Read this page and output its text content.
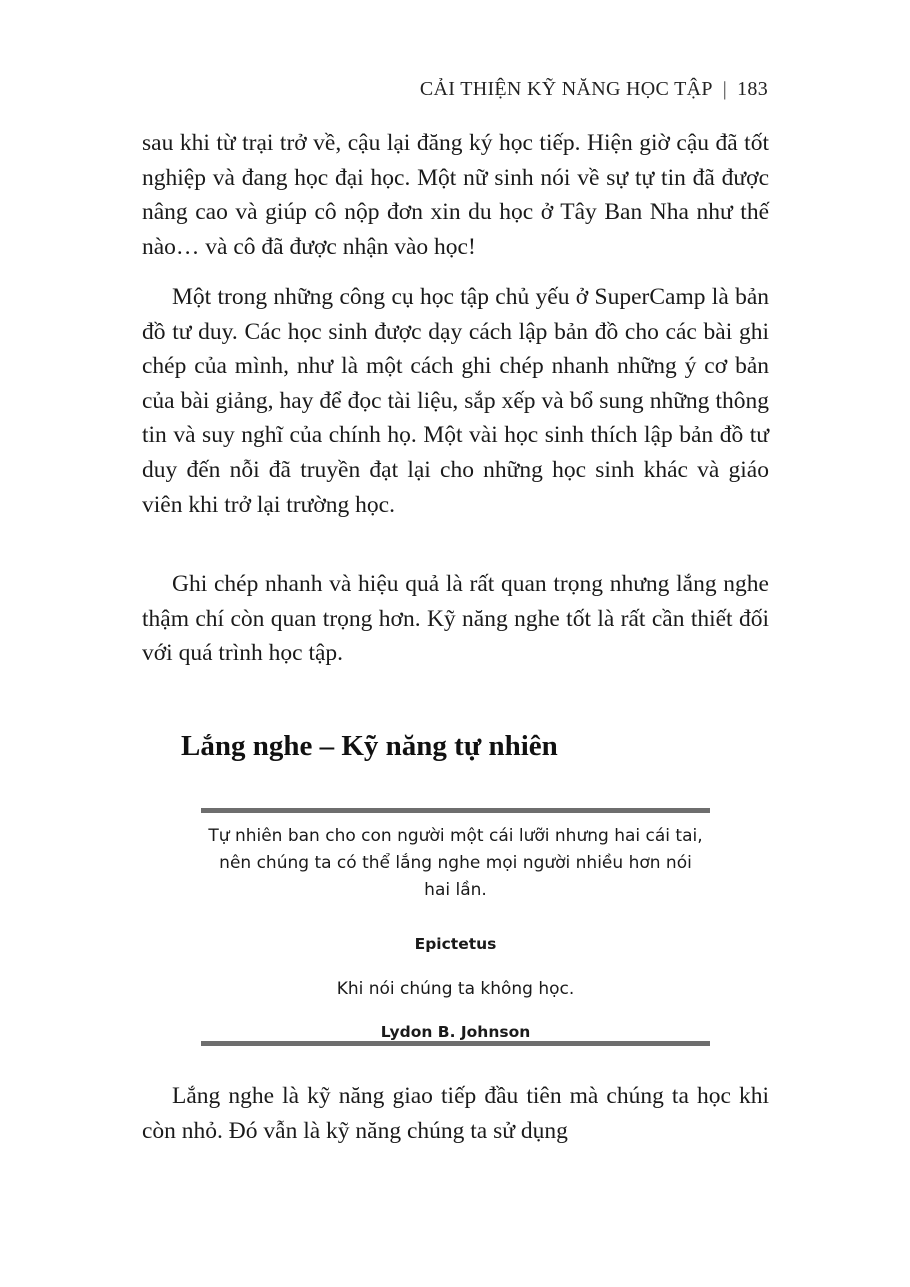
CẢI THIỆN KỸ NĂNG HỌC TẬP | 183

sau khi từ trại trở về, cậu lại đăng ký học tiếp. Hiện giờ cậu đã tốt nghiệp và đang học đại học. Một nữ sinh nói về sự tự tin đã được nâng cao và giúp cô nộp đơn xin du học ở Tây Ban Nha như thế nào… và cô đã được nhận vào học!

Một trong những công cụ học tập chủ yếu ở SuperCamp là bản đồ tư duy. Các học sinh được dạy cách lập bản đồ cho các bài ghi chép của mình, như là một cách ghi chép nhanh những ý cơ bản của bài giảng, hay để đọc tài liệu, sắp xếp và bổ sung những thông tin và suy nghĩ của chính họ. Một vài học sinh thích lập bản đồ tư duy đến nỗi đã truyền đạt lại cho những học sinh khác và giáo viên khi trở lại trường học.

Ghi chép nhanh và hiệu quả là rất quan trọng nhưng lắng nghe thậm chí còn quan trọng hơn. Kỹ năng nghe tốt là rất cần thiết đối với quá trình học tập.

Lắng nghe – Kỹ năng tự nhiên

Tự nhiên ban cho con người một cái lưỡi nhưng hai cái tai, nên chúng ta có thể lắng nghe mọi người nhiều hơn nói hai lần.

Epictetus

Khi nói chúng ta không học.

Lydon B. Johnson

Lắng nghe là kỹ năng giao tiếp đầu tiên mà chúng ta học khi còn nhỏ. Đó vẫn là kỹ năng chúng ta sử dụng
